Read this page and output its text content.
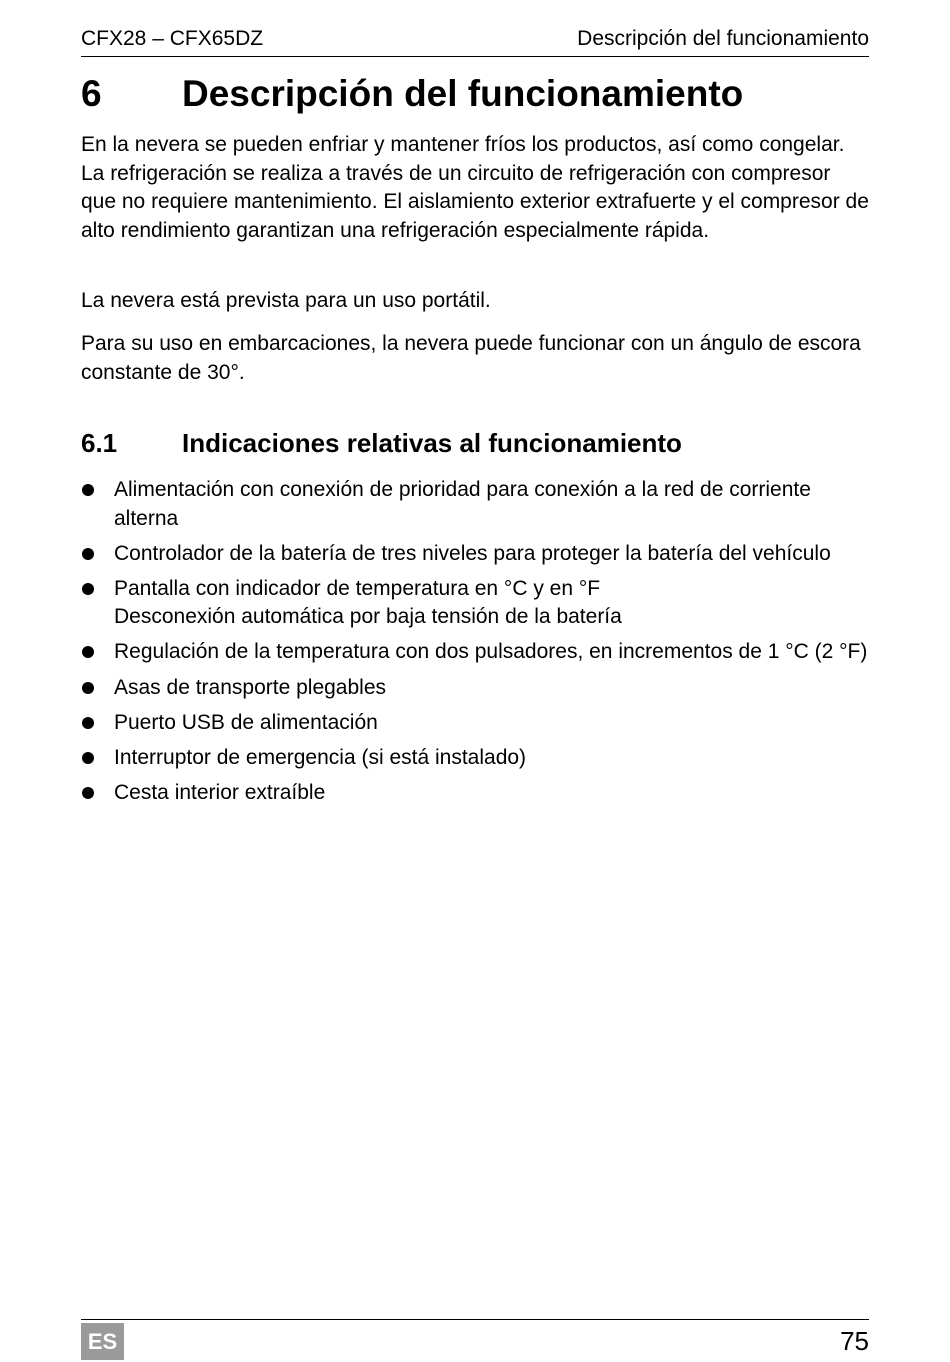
CFX28 – CFX65DZ	Descripción del funcionamiento
6 Descripción del funcionamiento

En la nevera se pueden enfriar y mantener fríos los productos, así como congelar. La refrigeración se realiza a través de un circuito de refrigeración con compresor que no requiere mantenimiento. El aislamiento exterior extrafuerte y el compresor de alto rendimiento garantizan una refrigeración especialmente rápida.

La nevera está prevista para un uso portátil.

Para su uso en embarcaciones, la nevera puede funcionar con un ángulo de escora constante de 30°.

6.1 Indicaciones relativas al funcionamiento
Alimentación con conexión de prioridad para conexión a la red de corriente alterna
Controlador de la batería de tres niveles para proteger la batería del vehículo
Pantalla con indicador de temperatura en °C y en °F
Desconexión automática por baja tensión de la batería
Regulación de la temperatura con dos pulsadores, en incrementos de 1 °C (2 °F)
Asas de transporte plegables
Puerto USB de alimentación
Interruptor de emergencia (si está instalado)
Cesta interior extraíble
ES	75
